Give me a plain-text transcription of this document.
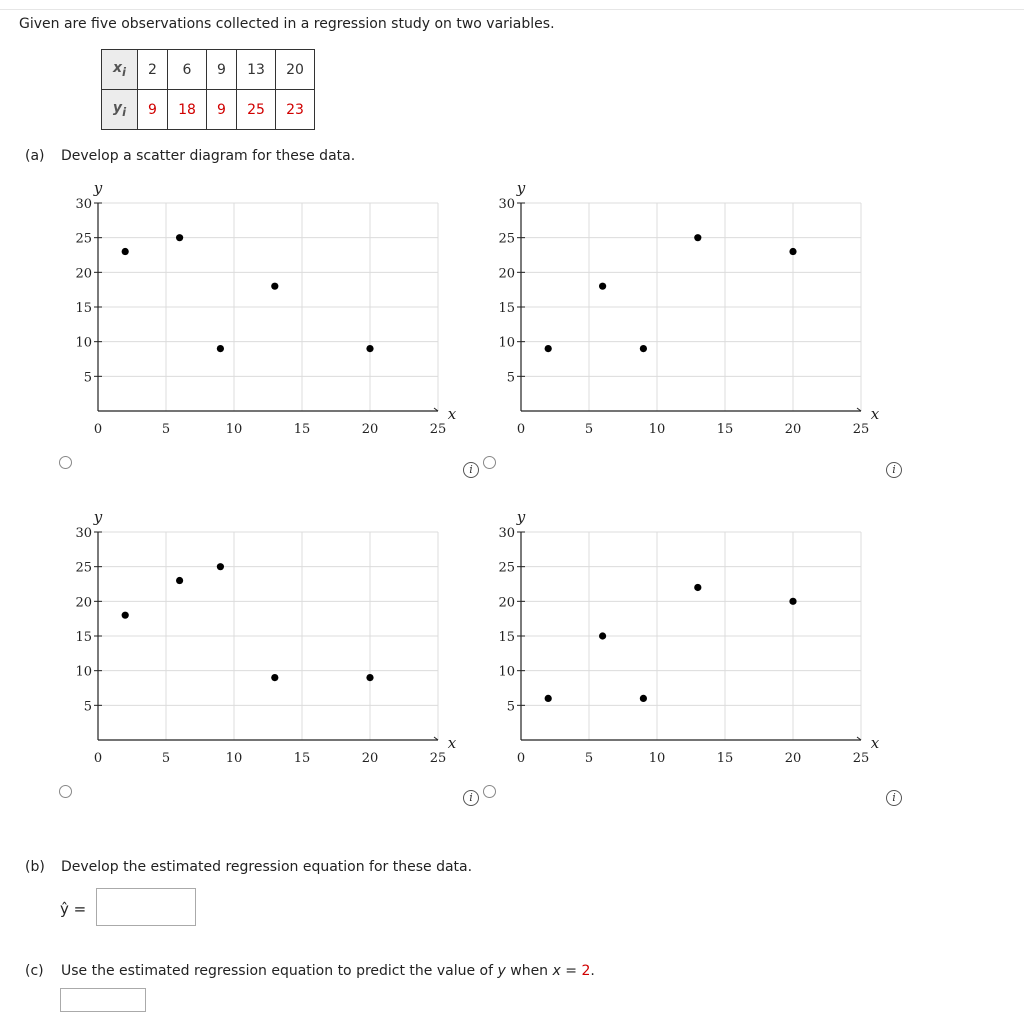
Given are five observations collected in a regression study on two variables.
$x_i$	2	6	9	13	20
$y_i$	9	18	9	25	23
(a) Develop a scatter diagram for these data.
5
10
15
20
25
30
0	5	10	15	20	25
y
x
5
10
15
20
25
30
0	5	10	15	20	25
y
x
5
10
15
20
25
30
0	5	10	15	20	25
y
x
5
10
15
20
25
30
0	5	10	15	20	25
y
x
i	i
i	i
(b) Develop the estimated regression equation for these data.
ŷ =
(c) Use the estimated regression equation to predict the value of y when x = 2.
